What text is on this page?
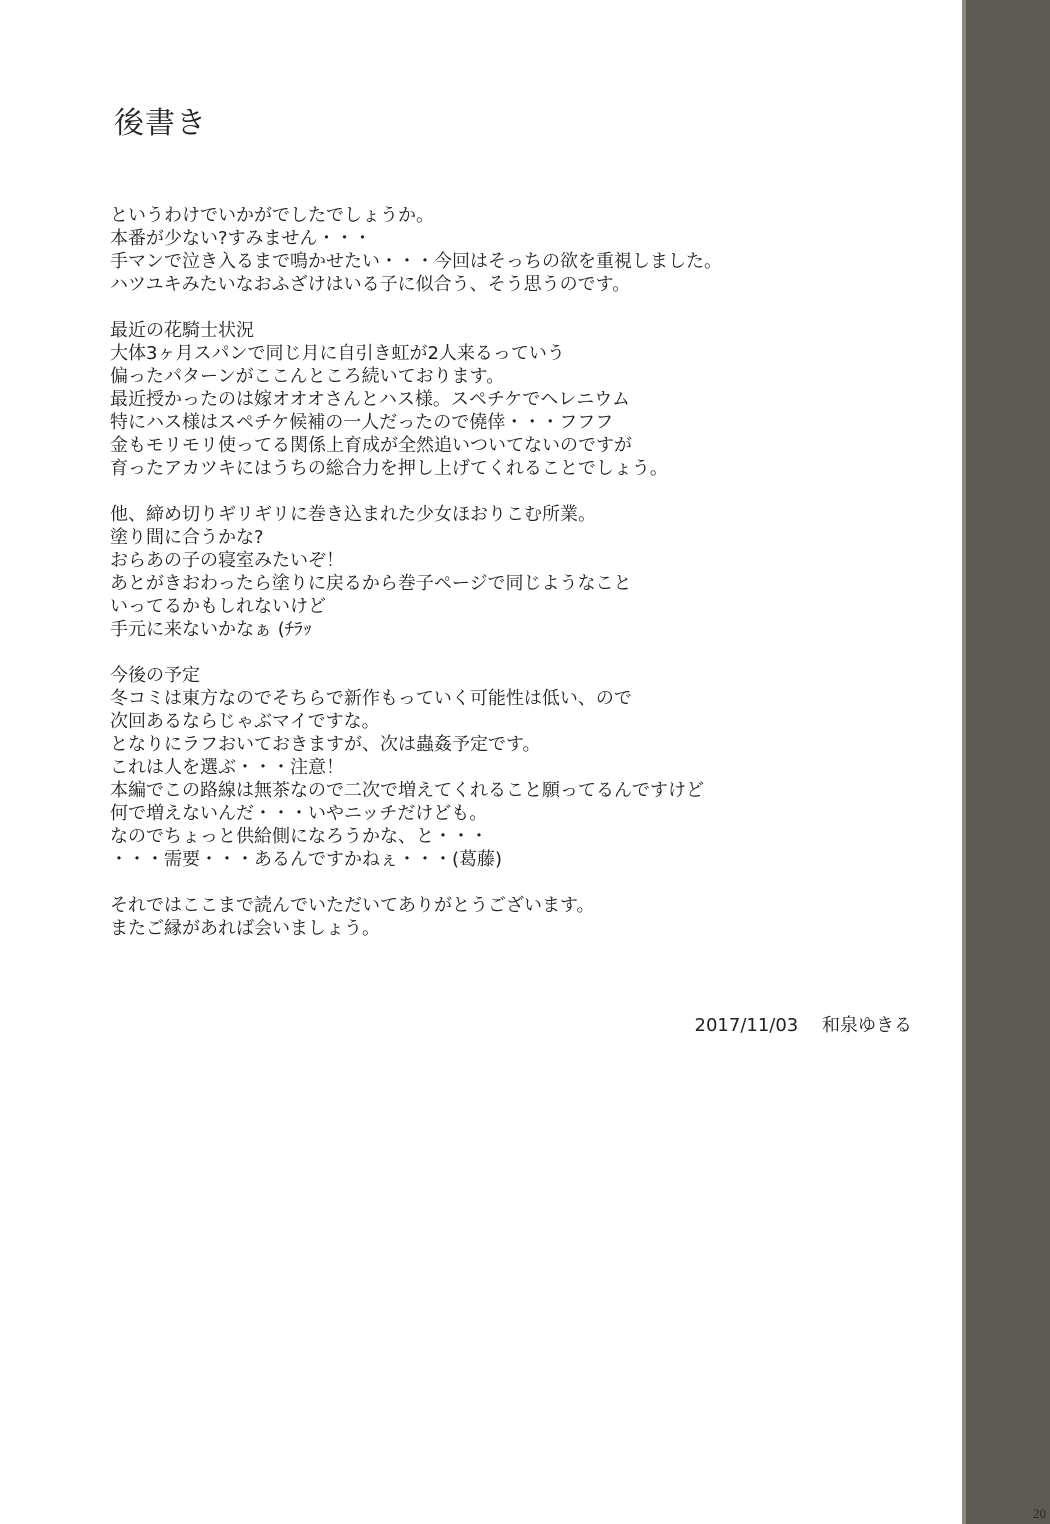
後書き
というわけでいかがでしたでしょうか。
本番が少ない?すみません・・・
手マンで泣き入るまで鳴かせたい・・・今回はそっちの欲を重視しました。
ハツユキみたいなおふざけはいる子に似合う、そう思うのです。
最近の花騎士状況
大体3ヶ月スパンで同じ月に自引き虹が2人来るっていう
偏ったパターンがここんところ続いております。
最近授かったのは嫁オオオさんとハス様。スペチケでヘレニウム
特にハス様はスペチケ候補の一人だったので僥倖・・・フフフ
金もモリモリ使ってる関係上育成が全然追いついてないのですが
育ったアカツキにはうちの総合力を押し上げてくれることでしょう。
他、締め切りギリギリに巻き込まれた少女ほおりこむ所業。
塗り間に合うかな?
おらあの子の寝室みたいぞ！
あとがきおわったら塗りに戻るから巻子ページで同じようなこと
いってるかもしれないけど
手元に来ないかなぁ (ﾁﾗｯ
今後の予定
冬コミは東方なのでそちらで新作もっていく可能性は低い、ので
次回あるならじゃぶマイですな。
となりにラフおいておきますが、次は蟲姦予定です。
これは人を選ぶ・・・注意！
本編でこの路線は無茶なので二次で増えてくれること願ってるんですけど
何で増えないんだ・・・いやニッチだけども。
なのでちょっと供給側になろうかな、と・・・
・・・需要・・・あるんですかねぇ・・・(葛藤)
それではここまで読んでいただいてありがとうございます。
またご縁があれば会いましょう。
2017/11/03 和泉ゆきる
20
